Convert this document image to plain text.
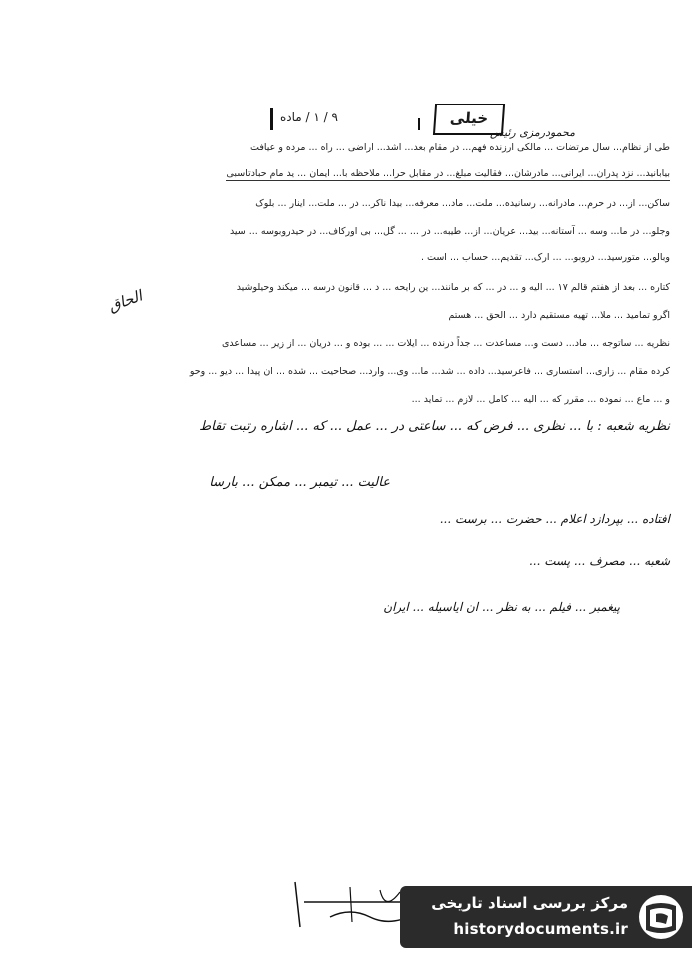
۹ / ۱ / ماده	خیلی
محمودرمزی رئیس
طی از نظام... سال مرتضات ... مالکی ارزنده فهم... در مقام بعد... اشد... اراضی ... راه ... مرده و عیافت
بیابانید... نزد پدران... ایرانی... مادرشان... فقالیت مبلغ... در مقابل حرا... ملاحظه با... ایمان ... ید مام حبادتاسبی
ساکن... از... در حرم... مادرانه... رسانیده... ملت... ماد... معرفه... بیدا ناکر... در ... ملت... اینار ... بلوک
وجلو... در ما... وسه ... آستانه... بید... عریان... از... طیبه... در ... ... گل... بی اورکاف... در حیدروبوسه ... سید
وبالو... متورسید... دروبو... ... ارک... تقدیم... حساب ... است .
کتاره ... بعد از هفتم قالم ۱۷ ... الیه و ... در ... که بر مانند... ین رایحه ... د ... قانون درسه ... میکند وحیلوشید
اگرو تمامید ... ملا... تهیه مستقیم دارد ... الحق ... هستم
نظریه ... ساتوجه ... ماد... دست و... مساعدت ... جداً درنده ... ایلات ... ... بوده و ... دریان ... از زیر ... مساعدی
کرده مقام ... زاری... استساری ... فاعرسید... داده ... شد... ما... وی... وارد... صحاحیت ... شده ... ان پیدا ... دیو ... وحو
و ... ماع ... نموده ... مقرر که ... الیه ... کامل ... لازم ... تماید ...
الحاق
نظریه شعبه : با ... نظری ... فرض که ... ساعتی در ... عمل ... که ... اشاره رتبت تقاط
عالیت ... تیمبر ... ممکن ... بارسا
افتاده ... بپردازد اعلام ... حضرت ... برست ...
شعبه ... مصرف ... پست ...
پیغمبر ... فیلم ... به نظر ... ان ایاسیله ... ایران
مرکز بررسی اسناد تاریخی
historydocuments.ir
